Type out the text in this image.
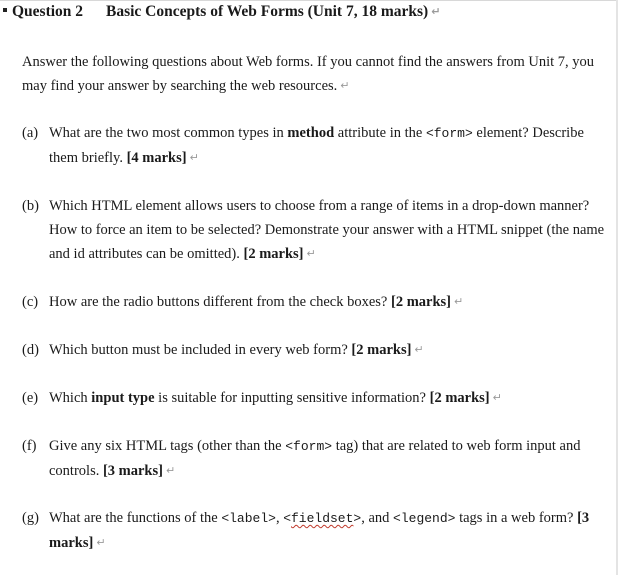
Question 2 Basic Concepts of Web Forms (Unit 7, 18 marks) ↵
Answer the following questions about Web forms. If you cannot find the answers from Unit 7, you may find your answer by searching the web resources. ↵
(a) What are the two most common types in method attribute in the <form> element? Describe them briefly. [4 marks] ↵
(b) Which HTML element allows users to choose from a range of items in a drop-down manner? How to force an item to be selected? Demonstrate your answer with a HTML snippet (the name and id attributes can be omitted). [2 marks] ↵
(c) How are the radio buttons different from the check boxes? [2 marks] ↵
(d) Which button must be included in every web form? [2 marks] ↵
(e) Which input type is suitable for inputting sensitive information? [2 marks] ↵
(f) Give any six HTML tags (other than the <form> tag) that are related to web form input and controls. [3 marks] ↵
(g) What are the functions of the <label>, <fieldset>, and <legend> tags in a web form? [3 marks] ↵
